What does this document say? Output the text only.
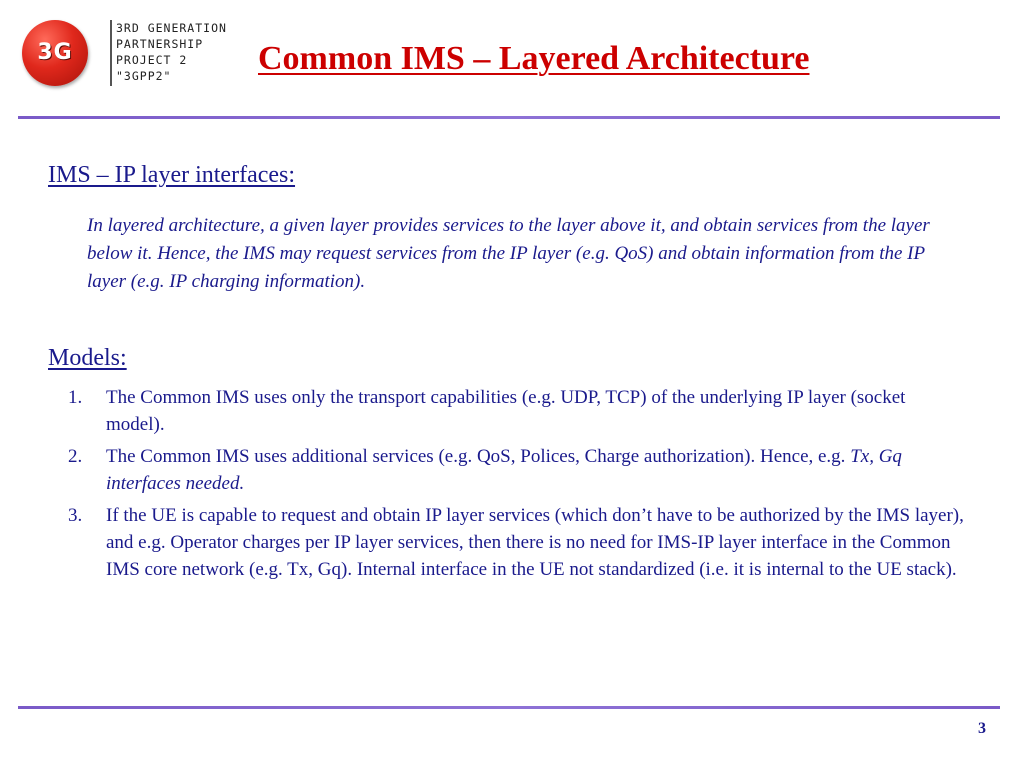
3G
3RD GENERATION
PARTNERSHIP
PROJECT 2
"3GPP2"	Common IMS – Layered Architecture
IMS – IP layer interfaces:
In layered architecture, a given layer provides services to the layer above it, and obtain services from the layer below it. Hence, the IMS may request services from the IP layer (e.g. QoS) and obtain information from the IP layer (e.g. IP charging information).
Models:
1. The Common IMS uses only the transport capabilities (e.g. UDP, TCP) of the underlying IP layer (socket model).
2. The Common IMS uses additional services (e.g. QoS, Polices, Charge authorization). Hence, e.g. Tx, Gq interfaces needed.
3. If the UE is capable to request and obtain IP layer services (which don’t have to be authorized by the IMS layer), and e.g. Operator charges per IP layer services, then there is no need for IMS-IP layer interface in the Common IMS core network (e.g. Tx, Gq). Internal interface in the UE not standardized (i.e. it is internal to the UE stack).
3
